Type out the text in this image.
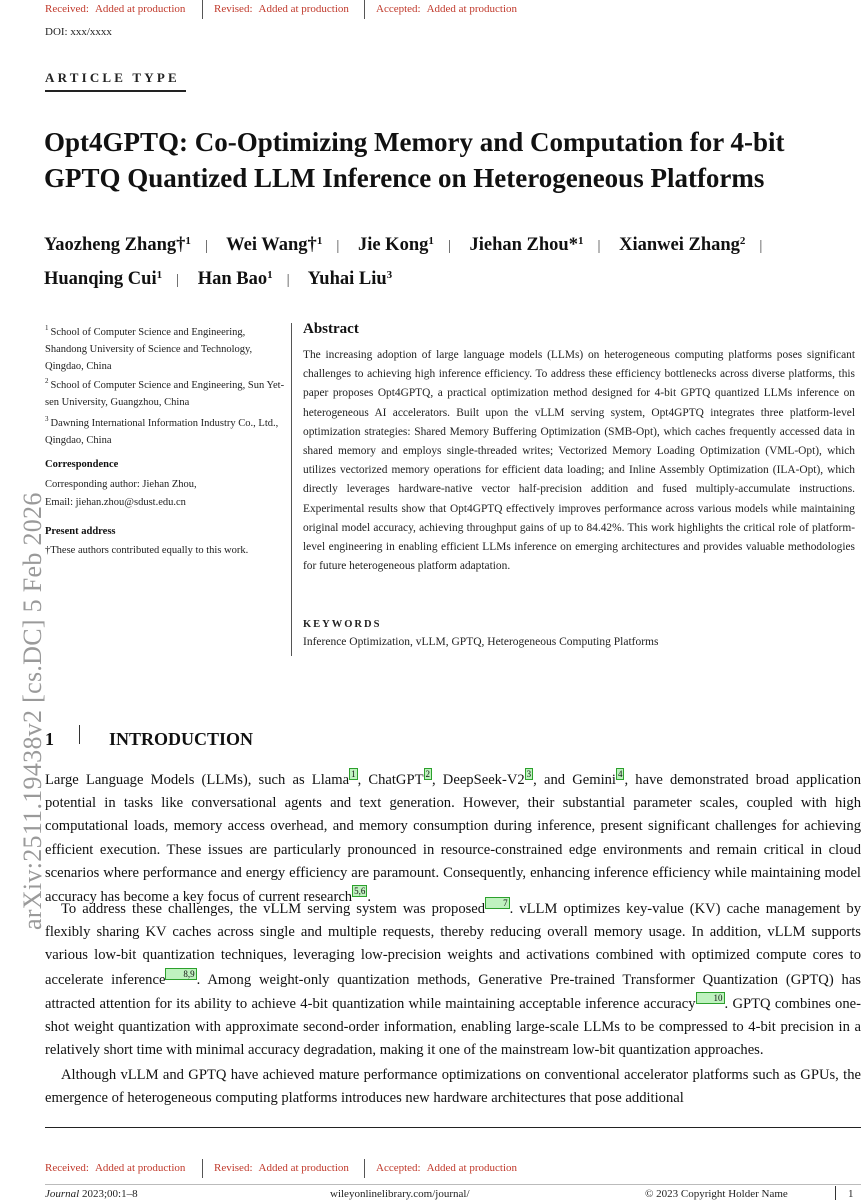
Received: Added at production	Revised: Added at production Accepted: Added at production
DOI: xxx/xxxx
ARTICLE TYPE
Opt4GPTQ: Co-Optimizing Memory and Computation for 4-bit
GPTQ Quantized LLM Inference on Heterogeneous Platforms
Yaozheng Zhang†$^1$ | Wei Wang†$^1$ | Jie Kong$^1$ | Jiehan Zhou*$^1$ | Xianwei Zhang$^2$ |
Huanqing Cui$^1$ | Han Bao$^1$ | Yuhai Liu$^3$
arXiv:2511.19438v2 [cs.DC] 5 Feb 2026
$^1$ School of Computer Science and Engineering, Shandong University of Science and Technology, Qingdao, China
$^2$ School of Computer Science and Engineering, Sun Yet-sen University, Guangzhou, China
$^3$ Dawning International Information Industry Co., Ltd., Qingdao, China
Correspondence
Corresponding author: Jiehan Zhou,
Email: jiehan.zhou@sdust.edu.cn
Present address
†These authors contributed equally to this work.
Abstract

The increasing adoption of large language models (LLMs) on heterogeneous computing platforms poses significant challenges to achieving high inference efficiency. To address these efficiency bottlenecks across diverse platforms, this paper proposes Opt4GPTQ, a practical optimization method designed for 4-bit GPTQ quantized LLMs inference on heterogeneous AI accelerators. Built upon the vLLM serving system, Opt4GPTQ integrates three platform-level optimization strategies: Shared Memory Buffering Optimization (SMB-Opt), which caches frequently accessed data in shared memory and employs single-threaded writes; Vectorized Memory Loading Optimization (VML-Opt), which utilizes vectorized memory operations for efficient data loading; and Inline Assembly Optimization (ILA-Opt), which directly leverages hardware-native vector half-precision addition and fused multiply-accumulate instructions. Experimental results show that Opt4GPTQ effectively improves performance across various models while maintaining original model accuracy, achieving throughput gains of up to 84.42%. This work highlights the critical role of platform-level engineering in enabling efficient LLMs inference on emerging architectures and provides valuable methodologies for future heterogeneous platform adaptation.

KEYWORDS
Inference Optimization, vLLM, GPTQ, Heterogeneous Computing Platforms
1	INTRODUCTION

Large Language Models (LLMs), such as Llama 1 , ChatGPT 2 , DeepSeek-V2 3 , and Gemini 4 , have demonstrated broad application potential in tasks like conversational agents and text generation. However, their substantial parameter scales, coupled with high computational loads, memory access overhead, and memory consumption during inference, present significant challenges for achieving efficient execution. These issues are particularly pronounced in resource-constrained edge environments and remain critical in cloud scenarios where performance and energy efficiency are paramount. Consequently, enhancing inference efficiency while maintaining model accuracy has become a key focus of current research 5,6 .

To address these challenges, the vLLM serving system was proposed 7 . vLLM optimizes key-value (KV) cache management by flexibly sharing KV caches across single and multiple requests, thereby reducing overall memory usage. In addition, vLLM supports various low-bit quantization techniques, leveraging low-precision weights and activations combined with optimized compute cores to accelerate inference 8,9 . Among weight-only quantization methods, Generative Pre-trained Transformer Quantization (GPTQ) has attracted attention for its ability to achieve 4-bit quantization while maintaining acceptable inference accuracy 10 . GPTQ combines one-shot weight quantization with approximate second-order information, enabling large-scale LLMs to be compressed to 4-bit precision in a relatively short time with minimal accuracy degradation, making it one of the mainstream low-bit quantization approaches.

Although vLLM and GPTQ have achieved mature performance optimizations on conventional accelerator platforms such as GPUs, the emergence of heterogeneous computing platforms introduces new hardware architectures that pose additional

Received: Added at production	Revised: Added at production Accepted: Added at production
Journal 2023;00:1–8	wileyonlinelibrary.com/journal/	© 2023 Copyright Holder Name	1
